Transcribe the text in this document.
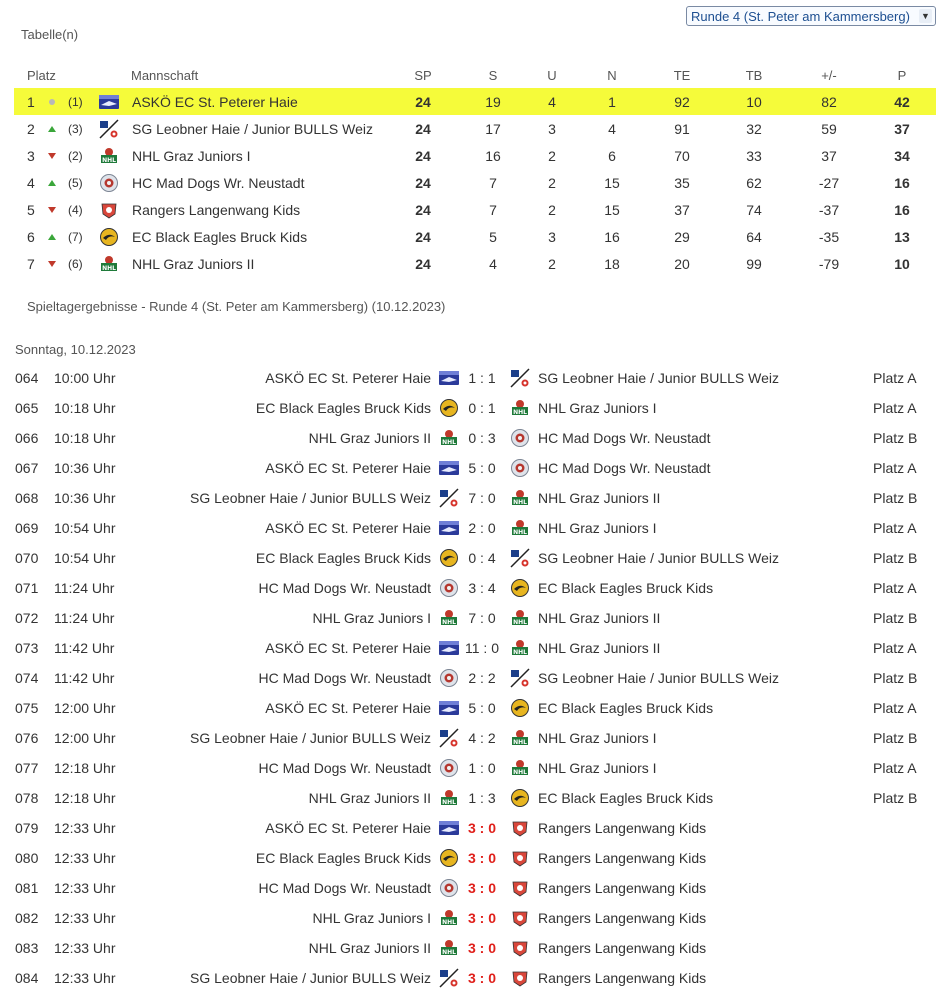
Runde 4 (St. Peter am Kammersberg) ▼
Tabelle(n)
Platz	Mannschaft	SP	S	U	N	TE	TB	+/-	P
1	(1)	ASKÖ EC St. Peterer Haie	24	19	4	1	92	10	82	42
2	(3)	SG Leobner Haie / Junior BULLS Weiz	24	17	3	4	91	32	59	37
3	(2)	NHL NHL Graz Juniors I	24	16	2	6	70	33	37	34
4	(5)	HC Mad Dogs Wr. Neustadt	24	7	2	15	35	62	-27	16
5	(4)	Rangers Langenwang Kids	24	7	2	15	37	74	-37	16
6	(7)	EC Black Eagles Bruck Kids	24	5	3	16	29	64	-35	13
7	(6)	NHL NHL Graz Juniors II	24	4	2	18	20	99	-79	10
Spieltagergebnisse - Runde 4 (St. Peter am Kammersberg) (10.12.2023)
Sonntag, 10.12.2023
064 10:00 Uhr	ASKÖ EC St. Peterer Haie	1 : 1	SG Leobner Haie / Junior BULLS Weiz	Platz A
065 10:18 Uhr	EC Black Eagles Bruck Kids	0 : 1	NHL NHL Graz Juniors I	Platz A
066 10:18 Uhr	NHL Graz Juniors II NHL 0 : 3	HC Mad Dogs Wr. Neustadt	Platz B
067 10:36 Uhr	ASKÖ EC St. Peterer Haie	5 : 0	HC Mad Dogs Wr. Neustadt	Platz A
068 10:36 Uhr	SG Leobner Haie / Junior BULLS Weiz	7 : 0	NHL NHL Graz Juniors II	Platz B
069 10:54 Uhr	ASKÖ EC St. Peterer Haie	2 : 0	NHL NHL Graz Juniors I	Platz A
070 10:54 Uhr	EC Black Eagles Bruck Kids	0 : 4	SG Leobner Haie / Junior BULLS Weiz	Platz B
071 11:24 Uhr	HC Mad Dogs Wr. Neustadt	3 : 4	EC Black Eagles Bruck Kids	Platz A
072 11:24 Uhr	NHL Graz Juniors I NHL 7 : 0	NHL NHL Graz Juniors II	Platz B
073 11:42 Uhr	ASKÖ EC St. Peterer Haie 11 : 0	NHL NHL Graz Juniors II	Platz A
074 11:42 Uhr	HC Mad Dogs Wr. Neustadt	2 : 2	SG Leobner Haie / Junior BULLS Weiz	Platz B
075 12:00 Uhr	ASKÖ EC St. Peterer Haie	5 : 0	EC Black Eagles Bruck Kids	Platz A
076 12:00 Uhr	SG Leobner Haie / Junior BULLS Weiz	4 : 2	NHL NHL Graz Juniors I	Platz B
077 12:18 Uhr	HC Mad Dogs Wr. Neustadt	1 : 0	NHL NHL Graz Juniors I	Platz A
078 12:18 Uhr	NHL Graz Juniors II NHL 1 : 3	EC Black Eagles Bruck Kids	Platz B
079 12:33 Uhr	ASKÖ EC St. Peterer Haie	3 : 0	Rangers Langenwang Kids
080 12:33 Uhr	EC Black Eagles Bruck Kids	3 : 0	Rangers Langenwang Kids
081 12:33 Uhr	HC Mad Dogs Wr. Neustadt	3 : 0	Rangers Langenwang Kids
082 12:33 Uhr	NHL Graz Juniors I NHL 3 : 0	Rangers Langenwang Kids
083 12:33 Uhr	NHL Graz Juniors II NHL 3 : 0	Rangers Langenwang Kids
084 12:33 Uhr	SG Leobner Haie / Junior BULLS Weiz	3 : 0	Rangers Langenwang Kids
